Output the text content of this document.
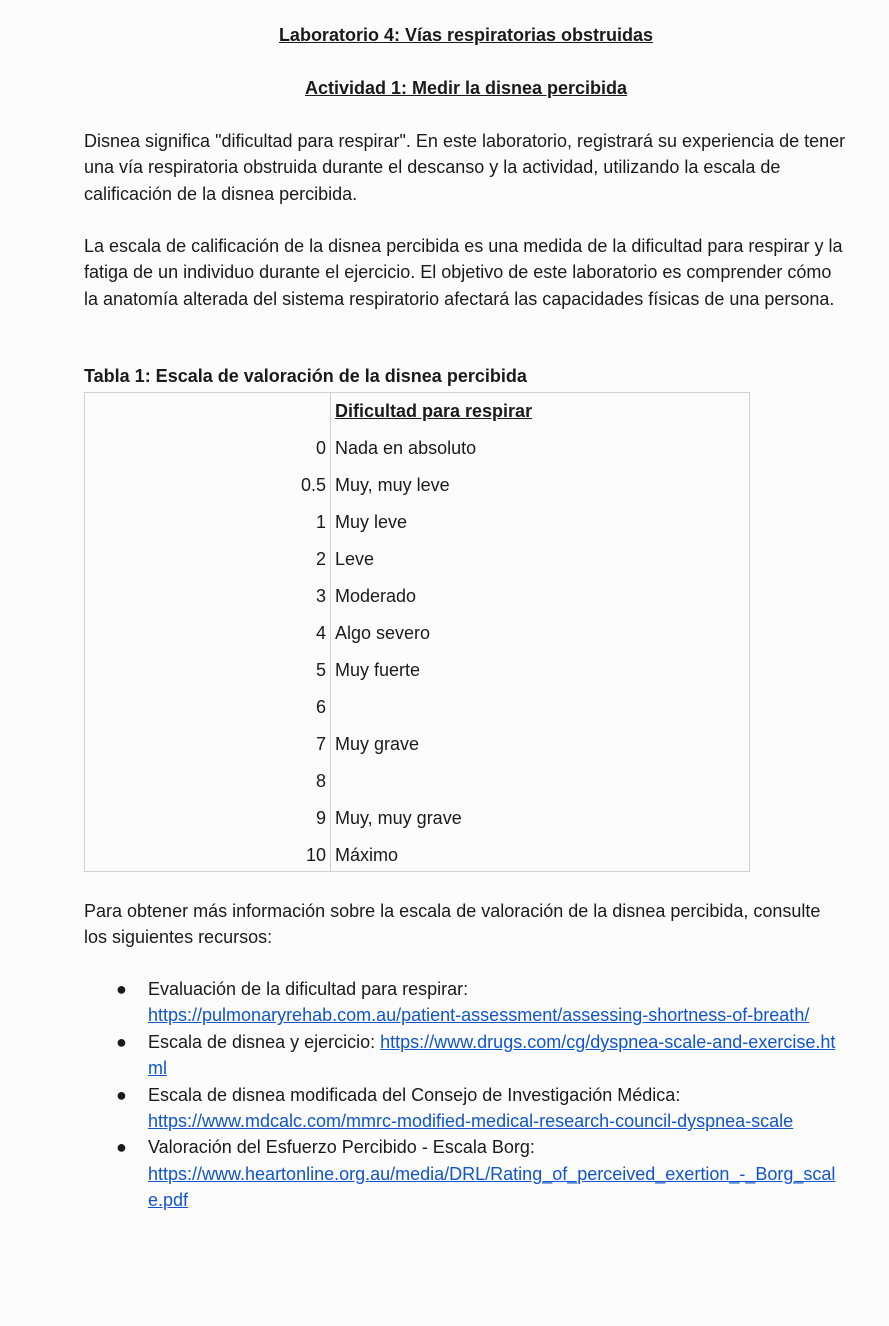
Laboratorio 4: Vías respiratorias obstruidas
Actividad 1: Medir la disnea percibida

Disnea significa "dificultad para respirar". En este laboratorio, registrará su experiencia de tener una vía respiratoria obstruida durante el descanso y la actividad, utilizando la escala de calificación de la disnea percibida.

La escala de calificación de la disnea percibida es una medida de la dificultad para respirar y la fatiga de un individuo durante el ejercicio. El objetivo de este laboratorio es comprender cómo la anatomía alterada del sistema respiratorio afectará las capacidades físicas de una persona.

Tabla 1: Escala de valoración de la disnea percibida
Dificultad para respirar
0 Nada en absoluto
0.5 Muy, muy leve
1 Muy leve
2 Leve
3 Moderado
4 Algo severo
5 Muy fuerte
6
7 Muy grave
8
9 Muy, muy grave
10 Máximo

Para obtener más información sobre la escala de valoración de la disnea percibida, consulte los siguientes recursos:

● Evaluación de la dificultad para respirar:
https://pulmonaryrehab.com.au/patient-assessment/assessing-shortness-of-breath/
● Escala de disnea y ejercicio: https://www.drugs.com/cg/dyspnea-scale-and-exercise.html
● Escala de disnea modificada del Consejo de Investigación Médica:
https://www.mdcalc.com/mmrc-modified-medical-research-council-dyspnea-scale
● Valoración del Esfuerzo Percibido - Escala Borg:
https://www.heartonline.org.au/media/DRL/Rating_of_perceived_exertion_-_Borg_scale.pdf
